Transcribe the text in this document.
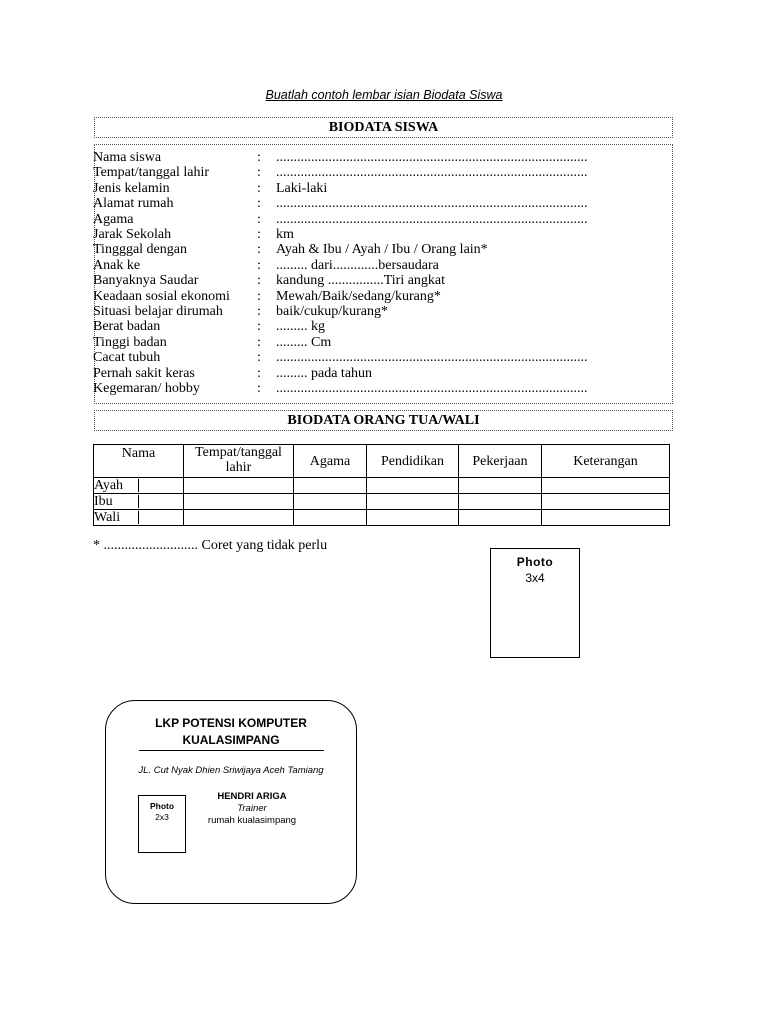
Buatlah contoh lembar isian Biodata Siswa
BIODATA SISWA
Nama siswa	: .........................................................................................
Tempat/tanggal lahir	: .........................................................................................
Jenis kelamin	: Laki-laki
Alamat rumah	: .........................................................................................
Agama	: .........................................................................................
Jarak Sekolah	: km
Tingggal dengan	: Ayah & Ibu / Ayah / Ibu / Orang lain*
Anak ke	: ......... dari.............bersaudara
Banyaknya Saudar	: kandung ................Tiri angkat
Keadaan sosial ekonomi : Mewah/Baik/sedang/kurang*
Situasi belajar dirumah : baik/cukup/kurang*
Berat badan	: ......... kg
Tinggi badan	: ......... Cm
Cacat tubuh	: .........................................................................................
Pernah sakit keras	: ......... pada tahun
Kegemaran/ hobby	: .........................................................................................
BIODATA ORANG TUA/WALI
Nama	Tempat/tanggal lahir	Agama	Pendidikan	Pekerjaan	Keterangan
Ayah					
Ibu					
Wali					
* ........................... Coret yang tidak perlu
Photo
3x4
LKP POTENSI KOMPUTER
KUALASIMPANG
JL. Cut Nyak Dhien Sriwijaya Aceh Tamiang
Photo
2x3
HENDRI ARIGA
Trainer
rumah kualasimpang
